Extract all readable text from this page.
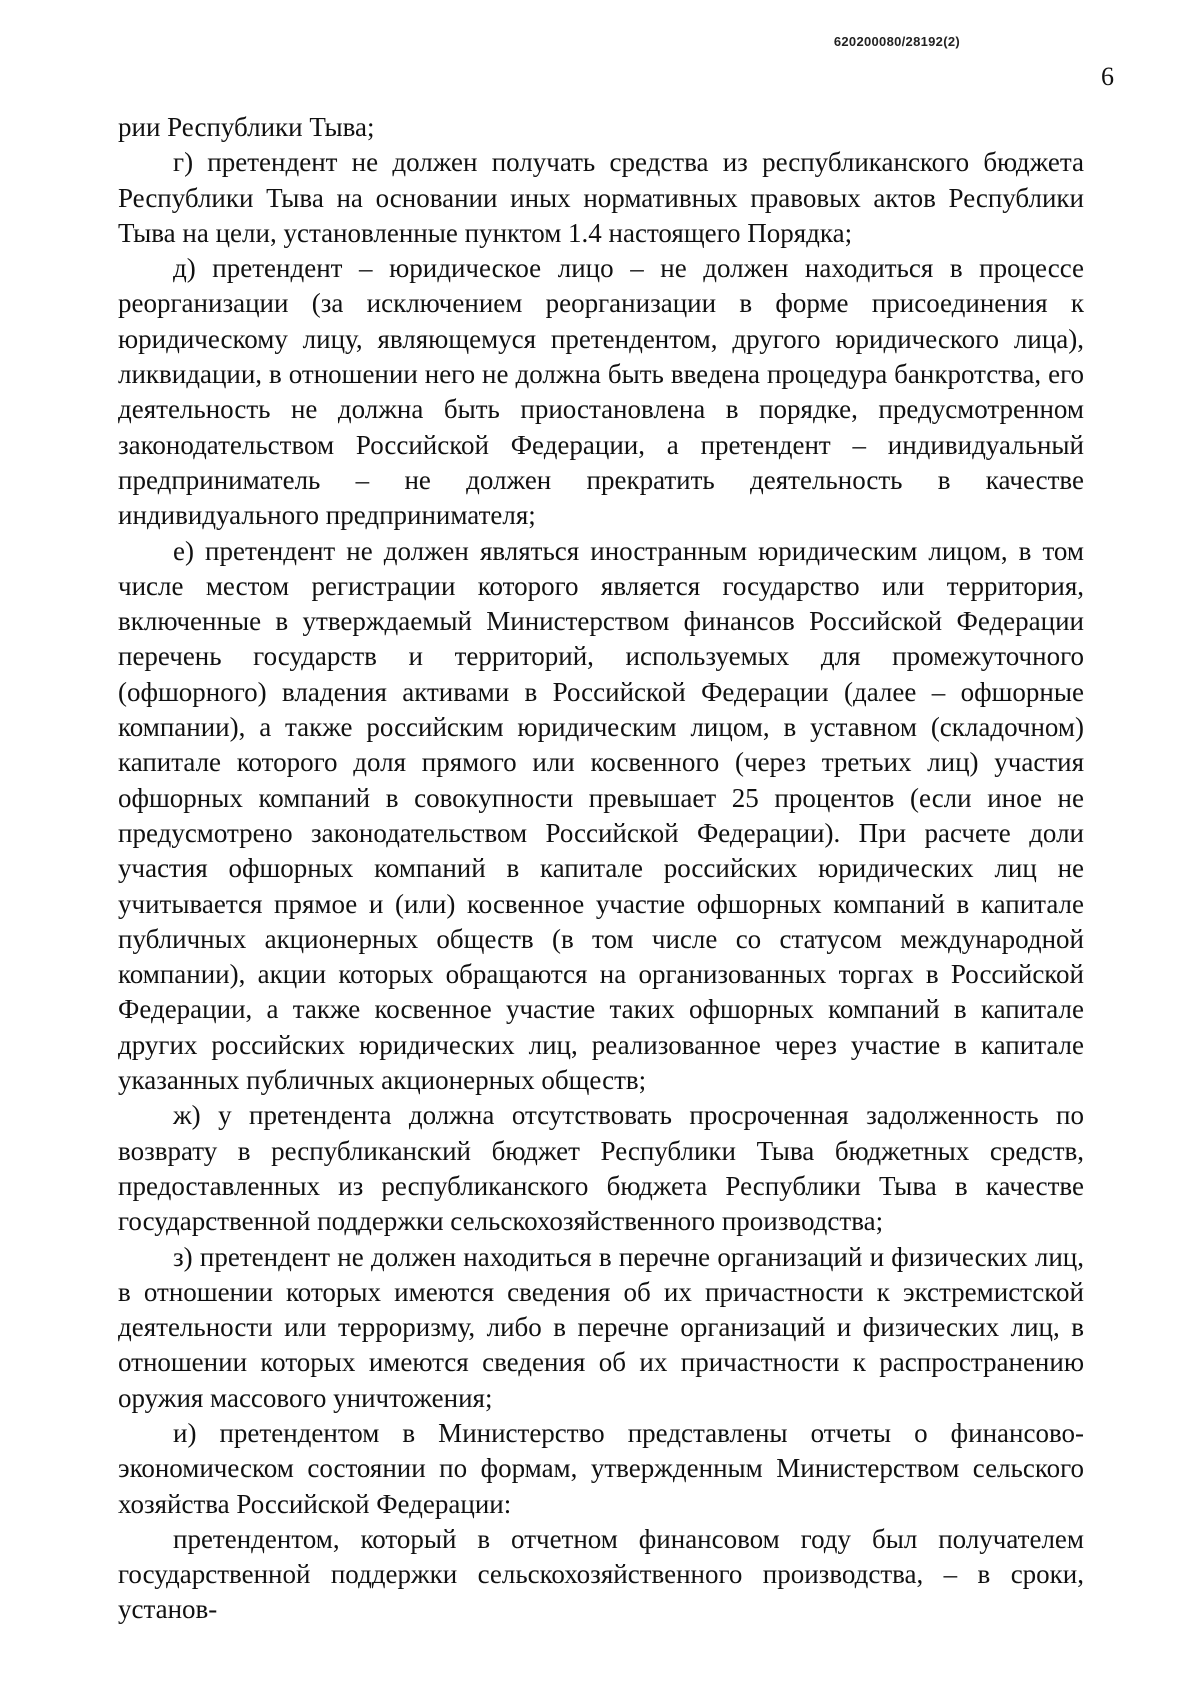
620200080/28192(2)
6

рии Республики Тыва;

г) претендент не должен получать средства из республиканского бюджета Республики Тыва на основании иных нормативных правовых актов Республики Тыва на цели, установленные пунктом 1.4 настоящего Порядка;

д) претендент – юридическое лицо – не должен находиться в процессе реорганизации (за исключением реорганизации в форме присоединения к юридическому лицу, являющемуся претендентом, другого юридического лица), ликвидации, в отношении него не должна быть введена процедура банкротства, его деятельность не должна быть приостановлена в порядке, предусмотренном законодательством Российской Федерации, а претендент – индивидуальный предприниматель – не должен прекратить деятельность в качестве индивидуального предпринимателя;

е) претендент не должен являться иностранным юридическим лицом, в том числе местом регистрации которого является государство или территория, включенные в утверждаемый Министерством финансов Российской Федерации перечень государств и территорий, используемых для промежуточного (офшорного) владения активами в Российской Федерации (далее – офшорные компании), а также российским юридическим лицом, в уставном (складочном) капитале которого доля прямого или косвенного (через третьих лиц) участия офшорных компаний в совокупности превышает 25 процентов (если иное не предусмотрено законодательством Российской Федерации). При расчете доли участия офшорных компаний в капитале российских юридических лиц не учитывается прямое и (или) косвенное участие офшорных компаний в капитале публичных акционерных обществ (в том числе со статусом международной компании), акции которых обращаются на организованных торгах в Российской Федерации, а также косвенное участие таких офшорных компаний в капитале других российских юридических лиц, реализованное через участие в капитале указанных публичных акционерных обществ;

ж) у претендента должна отсутствовать просроченная задолженность по возврату в республиканский бюджет Республики Тыва бюджетных средств, предоставленных из республиканского бюджета Республики Тыва в качестве государственной поддержки сельскохозяйственного производства;

з) претендент не должен находиться в перечне организаций и физических лиц, в отношении которых имеются сведения об их причастности к экстремистской деятельности или терроризму, либо в перечне организаций и физических лиц, в отношении которых имеются сведения об их причастности к распространению оружия массового уничтожения;

и) претендентом в Министерство представлены отчеты о финансово-экономическом состоянии по формам, утвержденным Министерством сельского хозяйства Российской Федерации:

претендентом, который в отчетном финансовом году был получателем государственной поддержки сельскохозяйственного производства, – в сроки, установ-
